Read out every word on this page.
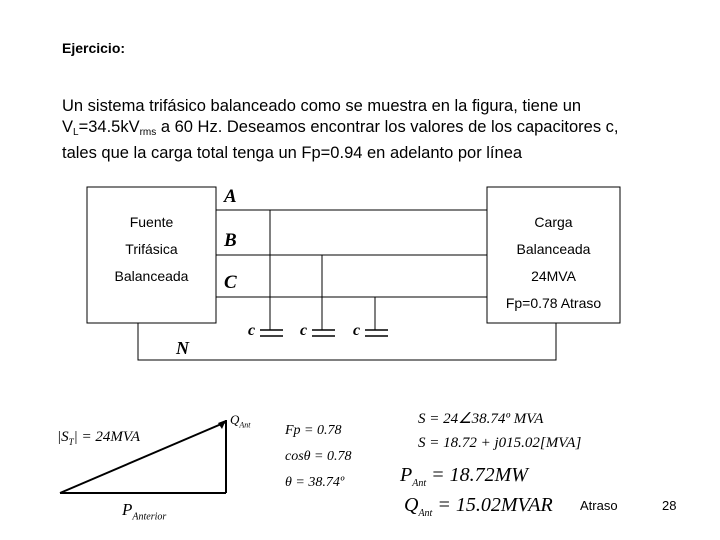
Ejercicio:
Un sistema trifásico balanceado como se muestra en la figura, tiene un
$V_L=34.5kV_{rms}$ a 60 Hz. Deseamos encontrar los valores de los capacitores c,
tales que la carga total tenga un Fp=0.94 en adelanto por línea
Fuente
Trifásica
Balanceada
Carga
Balanceada
24MVA
Fp=0.78 Atraso
A
B
C
N
c	c	c
$Q_{Ant}$
$|S_T| = 24MVA$
$P_{Anterior}$
Fp = 0.78
cosθ = 0.78
θ = 38.74º
S = 24∠38.74º MVA
S = 18.72 + j015.02[MVA]
$P_{Ant} = 18.72MW$
$Q_{Ant}$ = 15.02MVAR Atraso	28
